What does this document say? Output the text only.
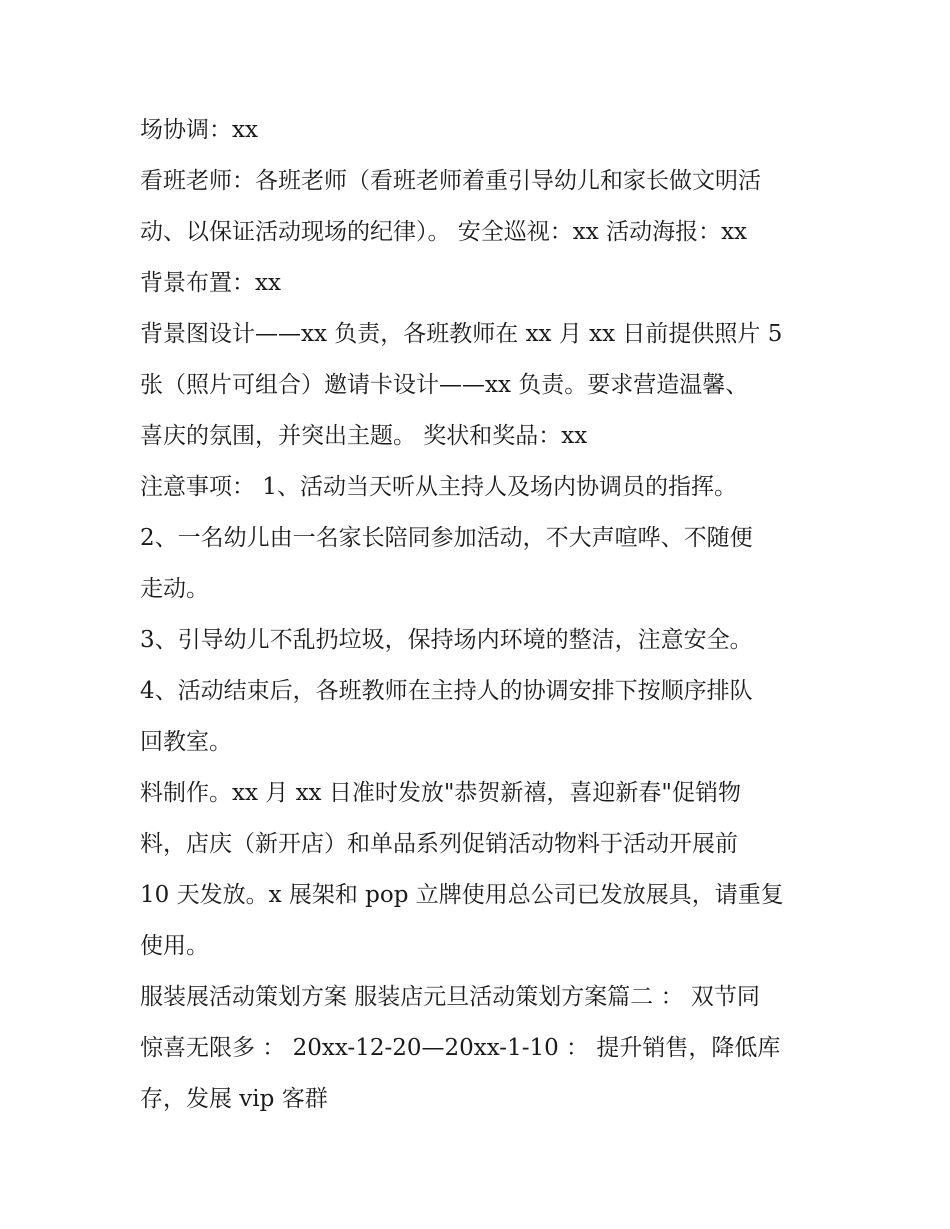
场协调：xx
看班老师：各班老师（看班老师着重引导幼儿和家长做文明活
动、以保证活动现场的纪律）。 安全巡视：xx 活动海报：xx
背景布置：xx
背景图设计——xx 负责，各班教师在 xx 月 xx 日前提供照片 5
张（照片可组合）邀请卡设计——xx 负责。要求营造温馨、
喜庆的氛围，并突出主题。 奖状和奖品：xx
注意事项： 1、活动当天听从主持人及场内协调员的指挥。
2、一名幼儿由一名家长陪同参加活动，不大声喧哗、不随便
走动。
3、引导幼儿不乱扔垃圾，保持场内环境的整洁，注意安全。
4、活动结束后，各班教师在主持人的协调安排下按顺序排队
回教室。
料制作。xx 月 xx 日准时发放"恭贺新禧，喜迎新春"促销物
料，店庆（新开店）和单品系列促销活动物料于活动开展前
10 天发放。x 展架和 pop 立牌使用总公司已发放展具，请重复
使用。
服装展活动策划方案 服装店元旦活动策划方案篇二 ： 双节同
惊喜无限多 ： 20xx-12-20—20xx-1-10 ： 提升销售，降低库
存，发展 vip 客群
